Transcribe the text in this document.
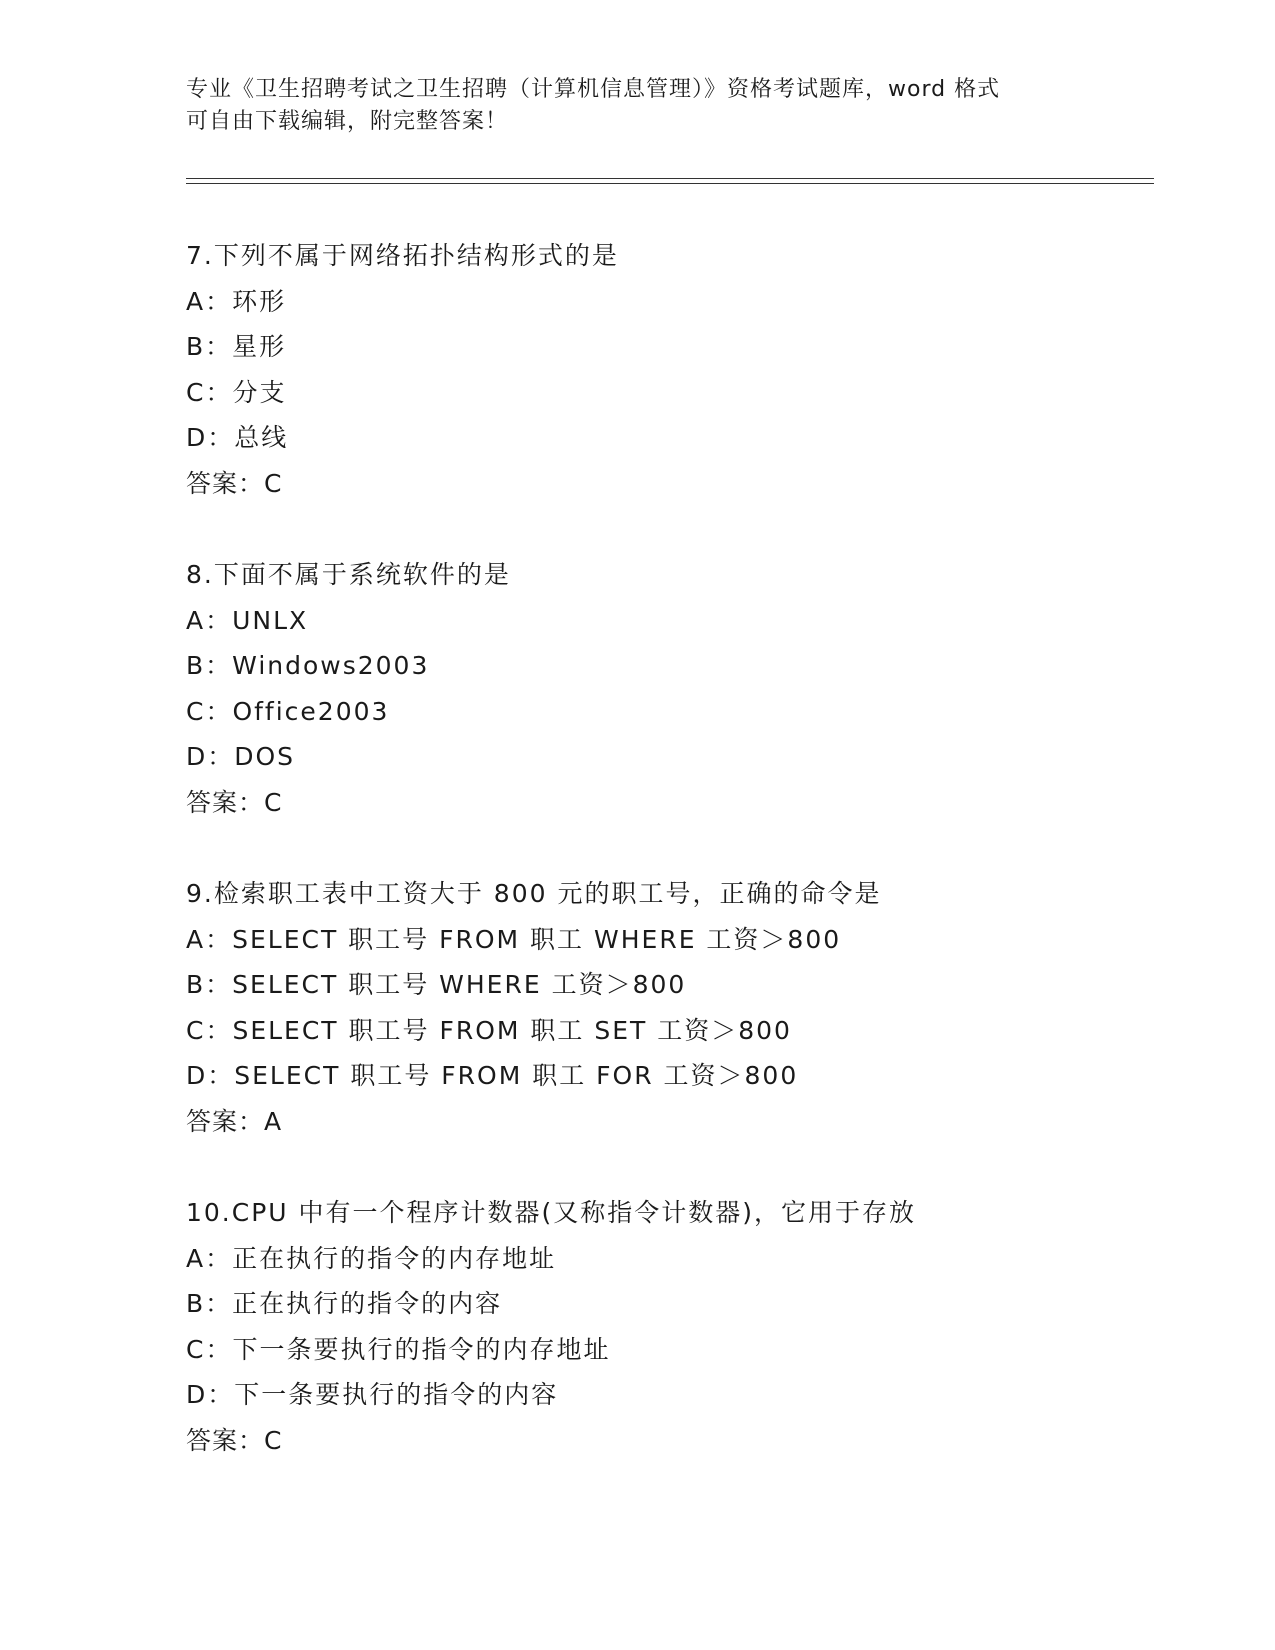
专业《卫生招聘考试之卫生招聘（计算机信息管理）》资格考试题库，word 格式
可自由下载编辑，附完整答案！
7.下列不属于网络拓扑结构形式的是
A：环形
B：星形
C：分支
D：总线
答案：C
8.下面不属于系统软件的是
A：UNLX
B：Windows2003
C：Office2003
D：DOS
答案：C
9.检索职工表中工资大于 800 元的职工号，正确的命令是
A：SELECT 职工号 FROM 职工 WHERE 工资＞800
B：SELECT 职工号 WHERE 工资＞800
C：SELECT 职工号 FROM 职工 SET 工资＞800
D：SELECT 职工号 FROM 职工 FOR 工资＞800
答案：A
10.CPU 中有一个程序计数器(又称指令计数器)，它用于存放
A：正在执行的指令的内存地址
B：正在执行的指令的内容
C：下一条要执行的指令的内存地址
D：下一条要执行的指令的内容
答案：C
